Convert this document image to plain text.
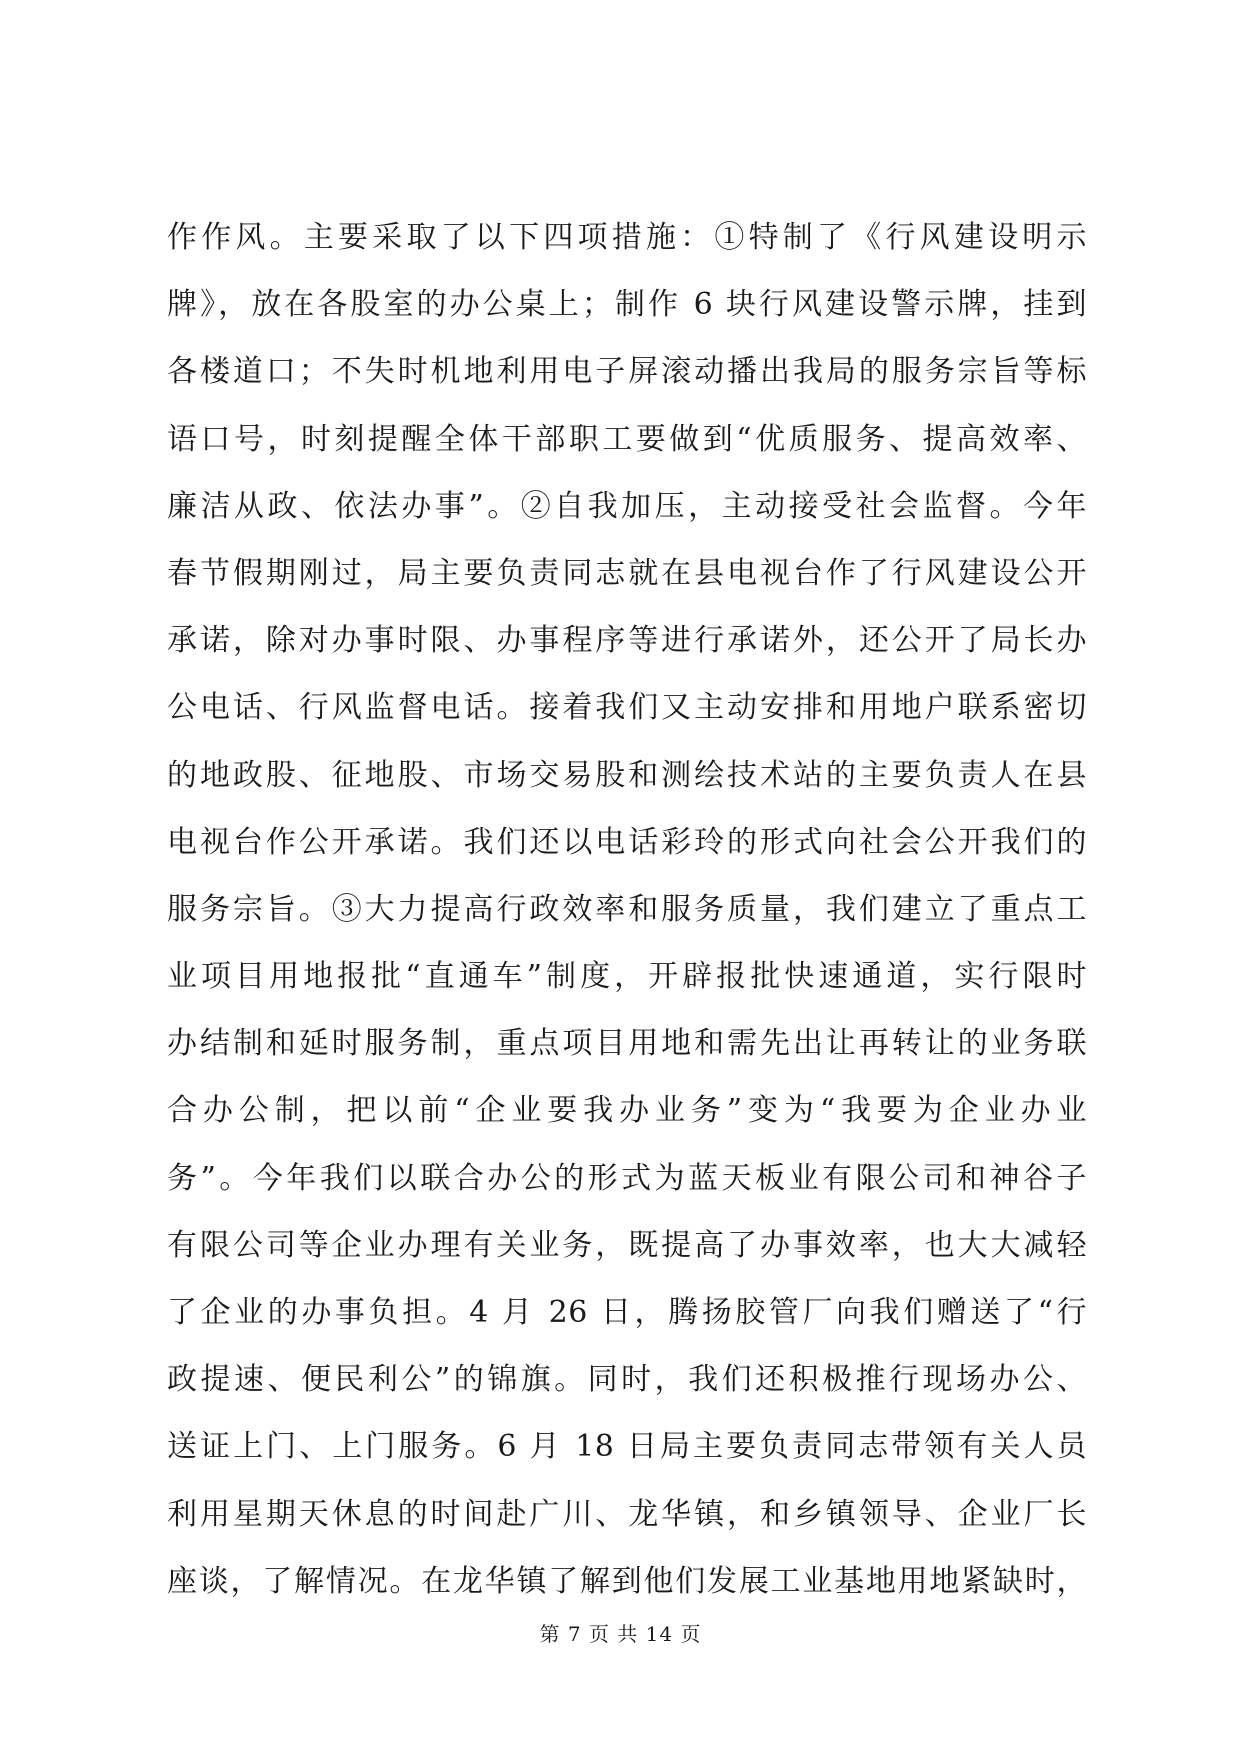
作作风。主要采取了以下四项措施：①特制了《行风建设明示
牌》，放在各股室的办公桌上；制作 6 块行风建设警示牌，挂到
各楼道口；不失时机地利用电子屏滚动播出我局的服务宗旨等标
语口号，时刻提醒全体干部职工要做到“优质服务、提高效率、
廉洁从政、依法办事”。②自我加压，主动接受社会监督。今年
春节假期刚过，局主要负责同志就在县电视台作了行风建设公开
承诺，除对办事时限、办事程序等进行承诺外，还公开了局长办
公电话、行风监督电话。接着我们又主动安排和用地户联系密切
的地政股、征地股、市场交易股和测绘技术站的主要负责人在县
电视台作公开承诺。我们还以电话彩玲的形式向社会公开我们的
服务宗旨。③大力提高行政效率和服务质量，我们建立了重点工
业项目用地报批“直通车”制度，开辟报批快速通道，实行限时
办结制和延时服务制，重点项目用地和需先出让再转让的业务联
合办公制，把以前“企业要我办业务”变为“我要为企业办业
务”。今年我们以联合办公的形式为蓝天板业有限公司和神谷子
有限公司等企业办理有关业务，既提高了办事效率，也大大减轻
了企业的办事负担。4 月 26 日，腾扬胶管厂向我们赠送了“行
政提速、便民利公”的锦旗。同时，我们还积极推行现场办公、
送证上门、上门服务。6 月 18 日局主要负责同志带领有关人员
利用星期天休息的时间赴广川、龙华镇，和乡镇领导、企业厂长
座谈，了解情况。在龙华镇了解到他们发展工业基地用地紧缺时，
第 7 页 共 14 页
